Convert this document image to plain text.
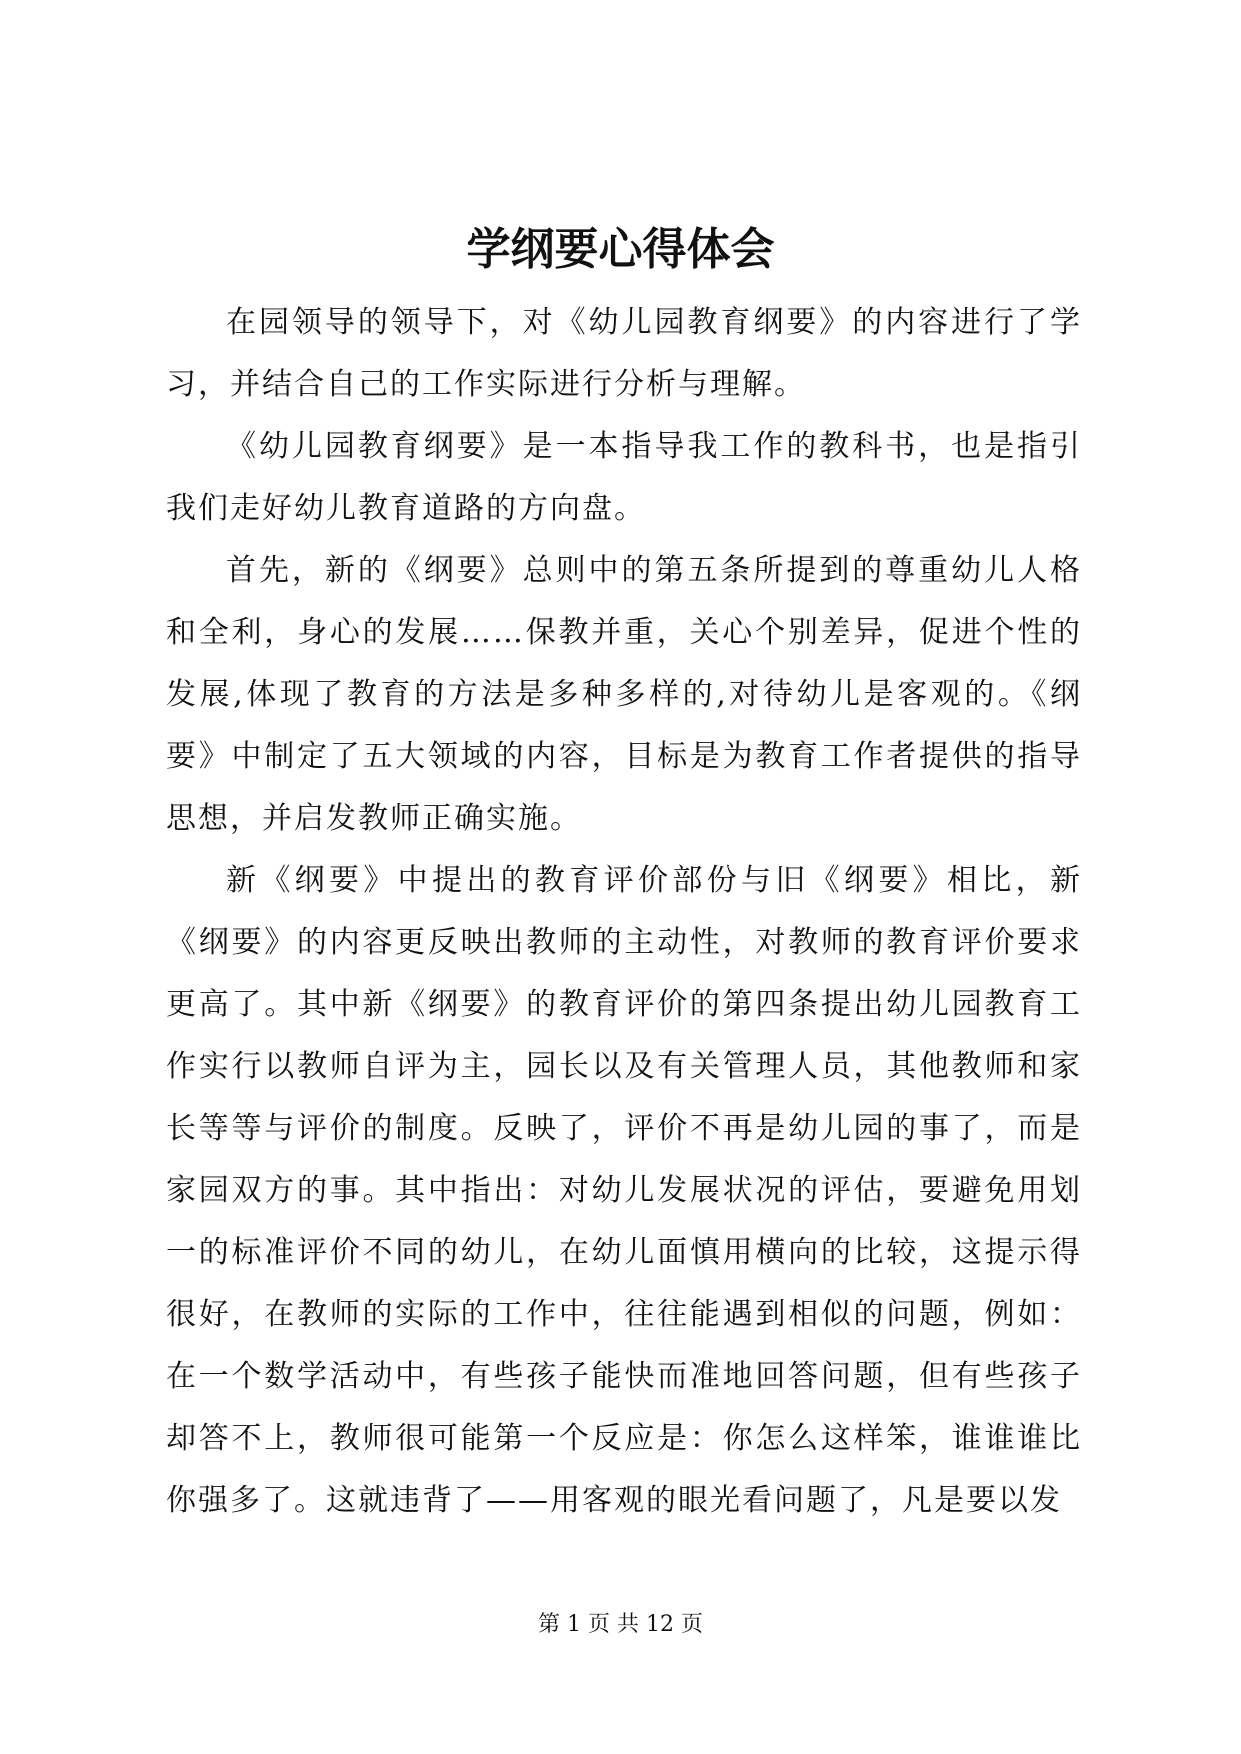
学纲要心得体会

在园领导的领导下，对《幼儿园教育纲要》的内容进行了学习，并结合自己的工作实际进行分析与理解。

《幼儿园教育纲要》是一本指导我工作的教科书，也是指引我们走好幼儿教育道路的方向盘。

首先，新的《纲要》总则中的第五条所提到的尊重幼儿人格和全利，身心的发展……保教并重，关心个别差异，促进个性的发展,体现了教育的方法是多种多样的,对待幼儿是客观的。《纲要》中制定了五大领域的内容，目标是为教育工作者提供的指导思想，并启发教师正确实施。

新《纲要》中提出的教育评价部份与旧《纲要》相比，新《纲要》的内容更反映出教师的主动性，对教师的教育评价要求更高了。其中新《纲要》的教育评价的第四条提出幼儿园教育工作实行以教师自评为主，园长以及有关管理人员，其他教师和家长等等与评价的制度。反映了，评价不再是幼儿园的事了，而是家园双方的事。其中指出：对幼儿发展状况的评估，要避免用划一的标准评价不同的幼儿，在幼儿面慎用横向的比较，这提示得很好，在教师的实际的工作中，往往能遇到相似的问题，例如：在一个数学活动中，有些孩子能快而准地回答问题，但有些孩子却答不上，教师很可能第一个反应是：你怎么这样笨，谁谁谁比你强多了。这就违背了——用客观的眼光看问题了，凡是要以发

第 1 页 共 12 页
